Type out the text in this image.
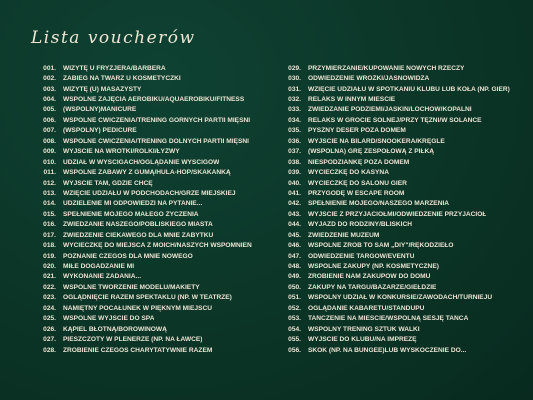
Lista voucherów
001. WIZYTĘ U FRYZJERA/BARBERA
002. ZABIEG NA TWARZ U KOSMETYCZKI
003. WIZYTĘ (U) MASAŻYSTY
004. WSPÓLNE ZAJĘCIA AEROBIKU/AQUAEROBIKU/FITNESS
005. (WSPÓLNY)MANICURE
006. WSPÓLNE ĆWICZENIA/TRENING GÓRNYCH PARTII MIĘŚNI
007. (WSPÓLNY) PEDICURE
008. WSPÓLNE ĆWICZENIA/TRENING DOLNYCH PARTII MIĘŚNI
009. WYJŚCIE NA WROTKI/ROLKI/ŁYŻWY
010. UDZIAŁ W WYŚCIGACH/OGLĄDANIE WYŚCIGÓW
011. WSPÓLNE ZABAWY Z GUMĄ/HULA-HOP/SKAKANKĄ
012. WYJŚCIE TAM, GDZIE CHCĘ
013. WZIĘCIE UDZIAŁU W PODCHODACH/GRZE MIEJSKIEJ
014. UDZIELENIE MI ODPOWIEDZI NA PYTANIE...
015. SPEŁNIENIE MOJEGO MAŁEGO ŻYCZENIA
016. ZWIEDZANIE NASZEGO/POBLISKIEGO MIASTA
017. ZWIEDZENIE CIEKAWEGO DLA MNIE ZABYTKU
018. WYCIECZKĘ DO MIEJSCA Z MOICH/NASZYCH WSPOMNIEŃ
019. POZNANIE CZEGOŚ DLA MNIE NOWEGO
020. MIŁE DOGADZANIE MI
021. WYKONANIE ZADANIA...
022. WSPÓLNE TWORZENIE MODELU/MAKIETY
023. OGLĄDNIĘCIE RAZEM SPEKTAKLU (NP. W TEATRZE)
024. NAMIĘTNY POCAŁUNEK W PIĘKNYM MIEJSCU
025. WSPÓLNE WYJŚCIE DO SPA
026. KĄPIEL BŁOTNĄ/BOROWINOWĄ
027. PIESZCZOTY W PLENERZE (NP. NA ŁAWCE)
028. ZROBIENIE CZEGOŚ CHARYTATYWNIE RAZEM
029. PRZYMIERZANIE/KUPOWANIE NOWYCH RZECZY
030. ODWIEDZENIE WRÓŻKI/JASNOWIDZA
031. WZIĘCIE UDZIAŁU W SPOTKANIU KLUBU LUB KOŁA (NP. GIER)
032. RELAKS W INNYM MIEŚCIE
033. ZWIEDZANIE PODZIEMI/JASKIŃ/LOCHÓW/KOPALNI
034. RELAKS W GROCIE SOLNEJ/PRZY TĘŻNI/W SOLANCE
035. PYSZNY DESER POZA DOMEM
036. WYJŚCIE NA BILARD/SNOOKERA/KRĘGLE
037. (WSPÓLNA) GRĘ ZESPOŁOWĄ Z PIŁKĄ
038. NIESPODZIANKĘ POZA DOMEM
039. WYCIECZKĘ DO KASYNA
040. WYCIECZKĘ DO SALONU GIER
041. PRZYGODĘ W ESCAPE ROOM
042. SPEŁNIENIE MOJEGO/NASZEGO MARZENIA
043. WYJŚCIE Z PRZYJACIÓŁMI/ODWIEDZENIE PRZYJACIÓŁ
044. WYJAZD DO RODZINY/BLISKICH
045. ZWIEDZENIE MUZEUM
046. WSPÓLNE ZRÓB TO SAM „DIY"/RĘKODZIEŁO
047. ODWIEDZENIE TARGÓW/EVENTU
048. WSPÓLNE ZAKUPY (NP. KOSMETYCZNE)
049. ZROBIENIE NAM ZAKUPÓW DO DOMU
050. ZAKUPY NA TARGU/BAZARZE/GIEŁDZIE
051. WSPÓLNY UDZIAŁ W KONKURSIE/ZAWODACH/TURNIEJU
052. OGLĄDANIE KABARETU/STANDUPU
053. TAŃCZENIE NA MIEŚCIE/WSPÓLNĄ SESJĘ TAŃCA
054. WSPÓLNY TRENING SZTUK WALKI
055. WYJŚCIE DO KLUBU/NA IMPREZĘ
056. SKOK (NP. NA BUNGEE)LUB WYSKOCZENIE DO...
